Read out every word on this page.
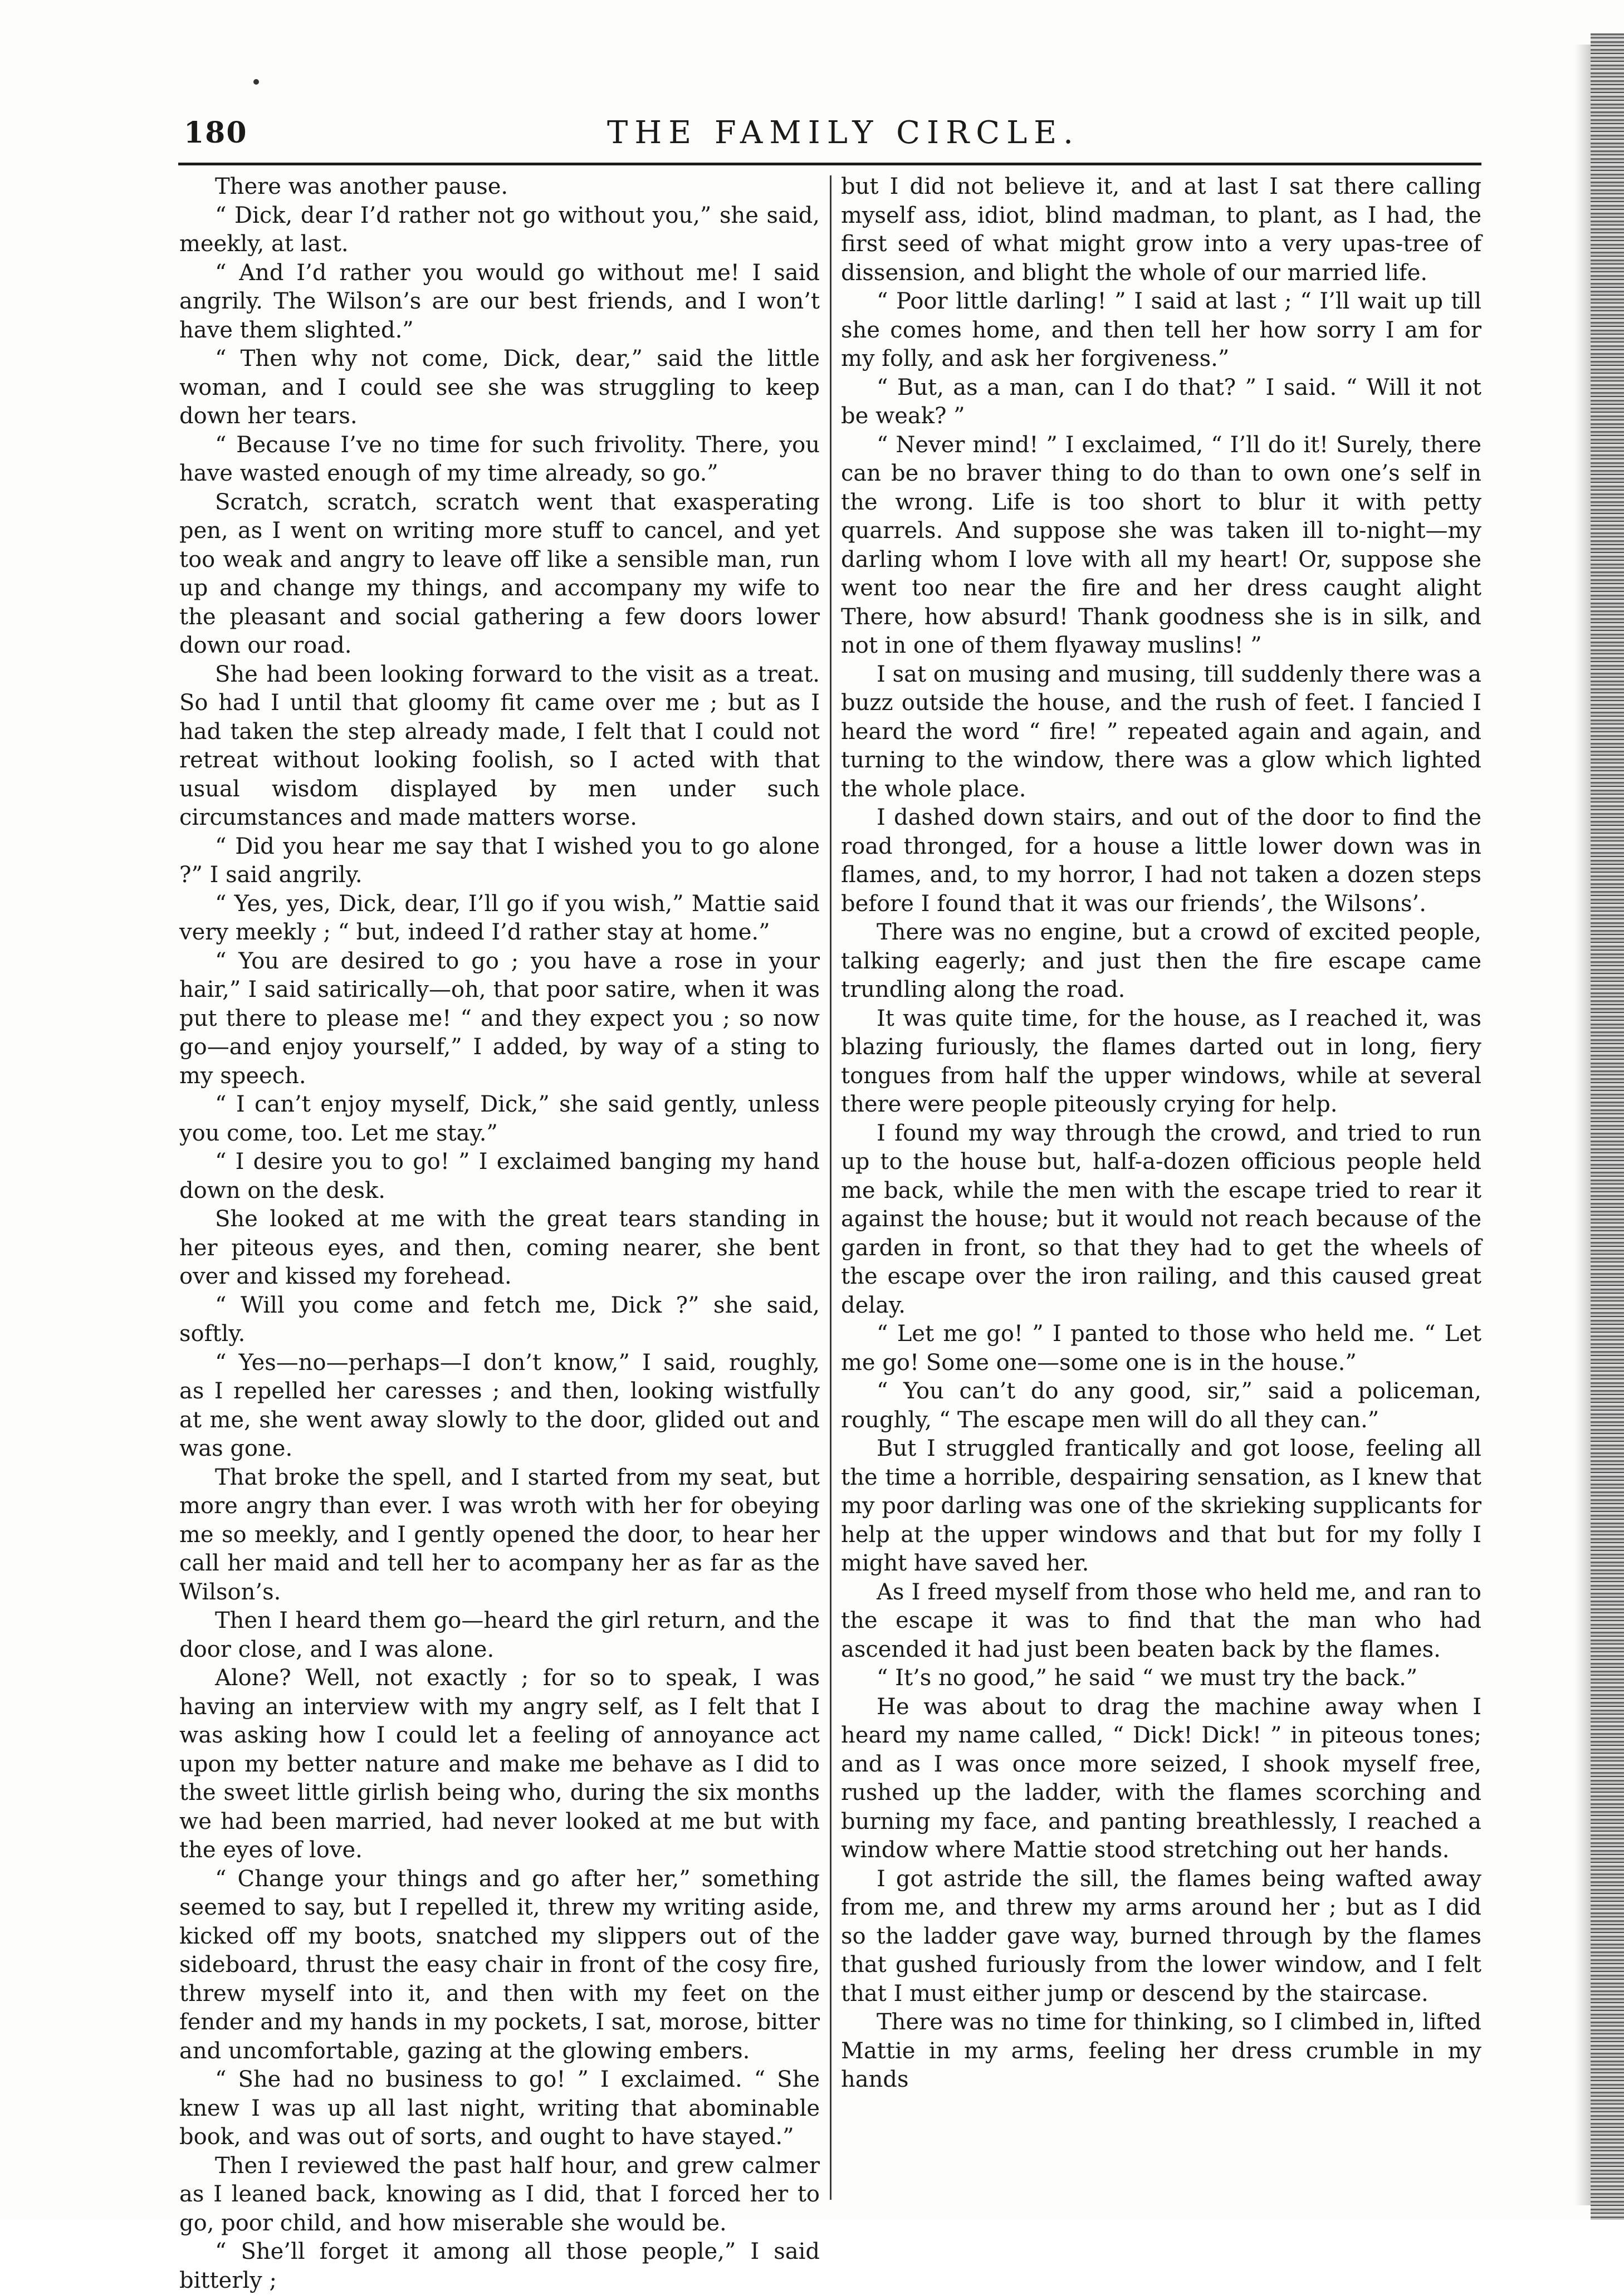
180	THE FAMILY CIRCLE.

There was another pause.

“ Dick, dear I’d rather not go without you,” she said, meekly, at last.

“ And I’d rather you would go without me! I said angrily. The Wilson’s are our best friends, and I won’t have them slighted.”

“ Then why not come, Dick, dear,” said the little woman, and I could see she was struggling to keep down her tears.

“ Because I’ve no time for such frivolity. There, you have wasted enough of my time already, so go.”

Scratch, scratch, scratch went that exasperating pen, as I went on writing more stuff to cancel, and yet too weak and angry to leave off like a sensible man, run up and change my things, and accompany my wife to the pleasant and social gathering a few doors lower down our road.

She had been looking forward to the visit as a treat. So had I until that gloomy fit came over me ; but as I had taken the step already made, I felt that I could not retreat without looking foolish, so I acted with that usual wisdom displayed by men under such circumstances and made matters worse.

“ Did you hear me say that I wished you to go alone ?” I said angrily.

“ Yes, yes, Dick, dear, I’ll go if you wish,” Mattie said very meekly ; “ but, indeed I’d rather stay at home.”

“ You are desired to go ; you have a rose in your hair,” I said satirically—oh, that poor satire, when it was put there to please me! “ and they expect you ; so now go—and enjoy yourself,” I added, by way of a sting to my speech.

“ I can’t enjoy myself, Dick,” she said gently, unless you come, too. Let me stay.”

“ I desire you to go! ” I exclaimed banging my hand down on the desk.

She looked at me with the great tears standing in her piteous eyes, and then, coming nearer, she bent over and kissed my forehead.

“ Will you come and fetch me, Dick ?” she said, softly.

“ Yes—no—perhaps—I don’t know,” I said, roughly, as I repelled her caresses ; and then, looking wistfully at me, she went away slowly to the door, glided out and was gone.

That broke the spell, and I started from my seat, but more angry than ever. I was wroth with her for obeying me so meekly, and I gently opened the door, to hear her call her maid and tell her to acompany her as far as the Wilson’s.

Then I heard them go—heard the girl return, and the door close, and I was alone.

Alone? Well, not exactly ; for so to speak, I was having an interview with my angry self, as I felt that I was asking how I could let a feeling of annoyance act upon my better nature and make me behave as I did to the sweet little girlish being who, during the six months we had been married, had never looked at me but with the eyes of love.

“ Change your things and go after her,” something seemed to say, but I repelled it, threw my writing aside, kicked off my boots, snatched my slippers out of the sideboard, thrust the easy chair in front of the cosy fire, threw myself into it, and then with my feet on the fender and my hands in my pockets, I sat, morose, bitter and uncomfortable, gazing at the glowing embers.

“ She had no business to go! ” I exclaimed. “ She knew I was up all last night, writing that abominable book, and was out of sorts, and ought to have stayed.”

Then I reviewed the past half hour, and grew calmer as I leaned back, knowing as I did, that I forced her to go, poor child, and how miserable she would be.

“ She’ll forget it among all those people,” I said bitterly ;

but I did not believe it, and at last I sat there calling myself ass, idiot, blind madman, to plant, as I had, the first seed of what might grow into a very upas-tree of dissension, and blight the whole of our married life.

“ Poor little darling! ” I said at last ; “ I’ll wait up till she comes home, and then tell her how sorry I am for my folly, and ask her forgiveness.”

“ But, as a man, can I do that? ” I said. “ Will it not be weak? ”

“ Never mind! ” I exclaimed, “ I’ll do it! Surely, there can be no braver thing to do than to own one’s self in the wrong. Life is too short to blur it with petty quarrels. And suppose she was taken ill to-night—my darling whom I love with all my heart! Or, suppose she went too near the fire and her dress caught alight There, how absurd! Thank goodness she is in silk, and not in one of them flyaway muslins! ”

I sat on musing and musing, till suddenly there was a buzz outside the house, and the rush of feet. I fancied I heard the word “ fire! ” repeated again and again, and turning to the window, there was a glow which lighted the whole place.

I dashed down stairs, and out of the door to find the road thronged, for a house a little lower down was in flames, and, to my horror, I had not taken a dozen steps before I found that it was our friends’, the Wilsons’.

There was no engine, but a crowd of excited people, talking eagerly; and just then the fire escape came trundling along the road.

It was quite time, for the house, as I reached it, was blazing furiously, the flames darted out in long, fiery tongues from half the upper windows, while at several there were people piteously crying for help.

I found my way through the crowd, and tried to run up to the house but, half-a-dozen officious people held me back, while the men with the escape tried to rear it against the house; but it would not reach because of the garden in front, so that they had to get the wheels of the escape over the iron railing, and this caused great delay.

“ Let me go! ” I panted to those who held me. “ Let me go! Some one—some one is in the house.”

“ You can’t do any good, sir,” said a policeman, roughly, “ The escape men will do all they can.”

But I struggled frantically and got loose, feeling all the time a horrible, despairing sensation, as I knew that my poor darling was one of the skrieking supplicants for help at the upper windows and that but for my folly I might have saved her.

As I freed myself from those who held me, and ran to the escape it was to find that the man who had ascended it had just been beaten back by the flames.

“ It’s no good,” he said “ we must try the back.”

He was about to drag the machine away when I heard my name called, “ Dick! Dick! ” in piteous tones; and as I was once more seized, I shook myself free, rushed up the ladder, with the flames scorching and burning my face, and panting breathlessly, I reached a window where Mattie stood stretching out her hands.

I got astride the sill, the flames being wafted away from me, and threw my arms around her ; but as I did so the ladder gave way, burned through by the flames that gushed furiously from the lower window, and I felt that I must either jump or descend by the staircase.

There was no time for thinking, so I climbed in, lifted Mattie in my arms, feeling her dress crumble in my hands
